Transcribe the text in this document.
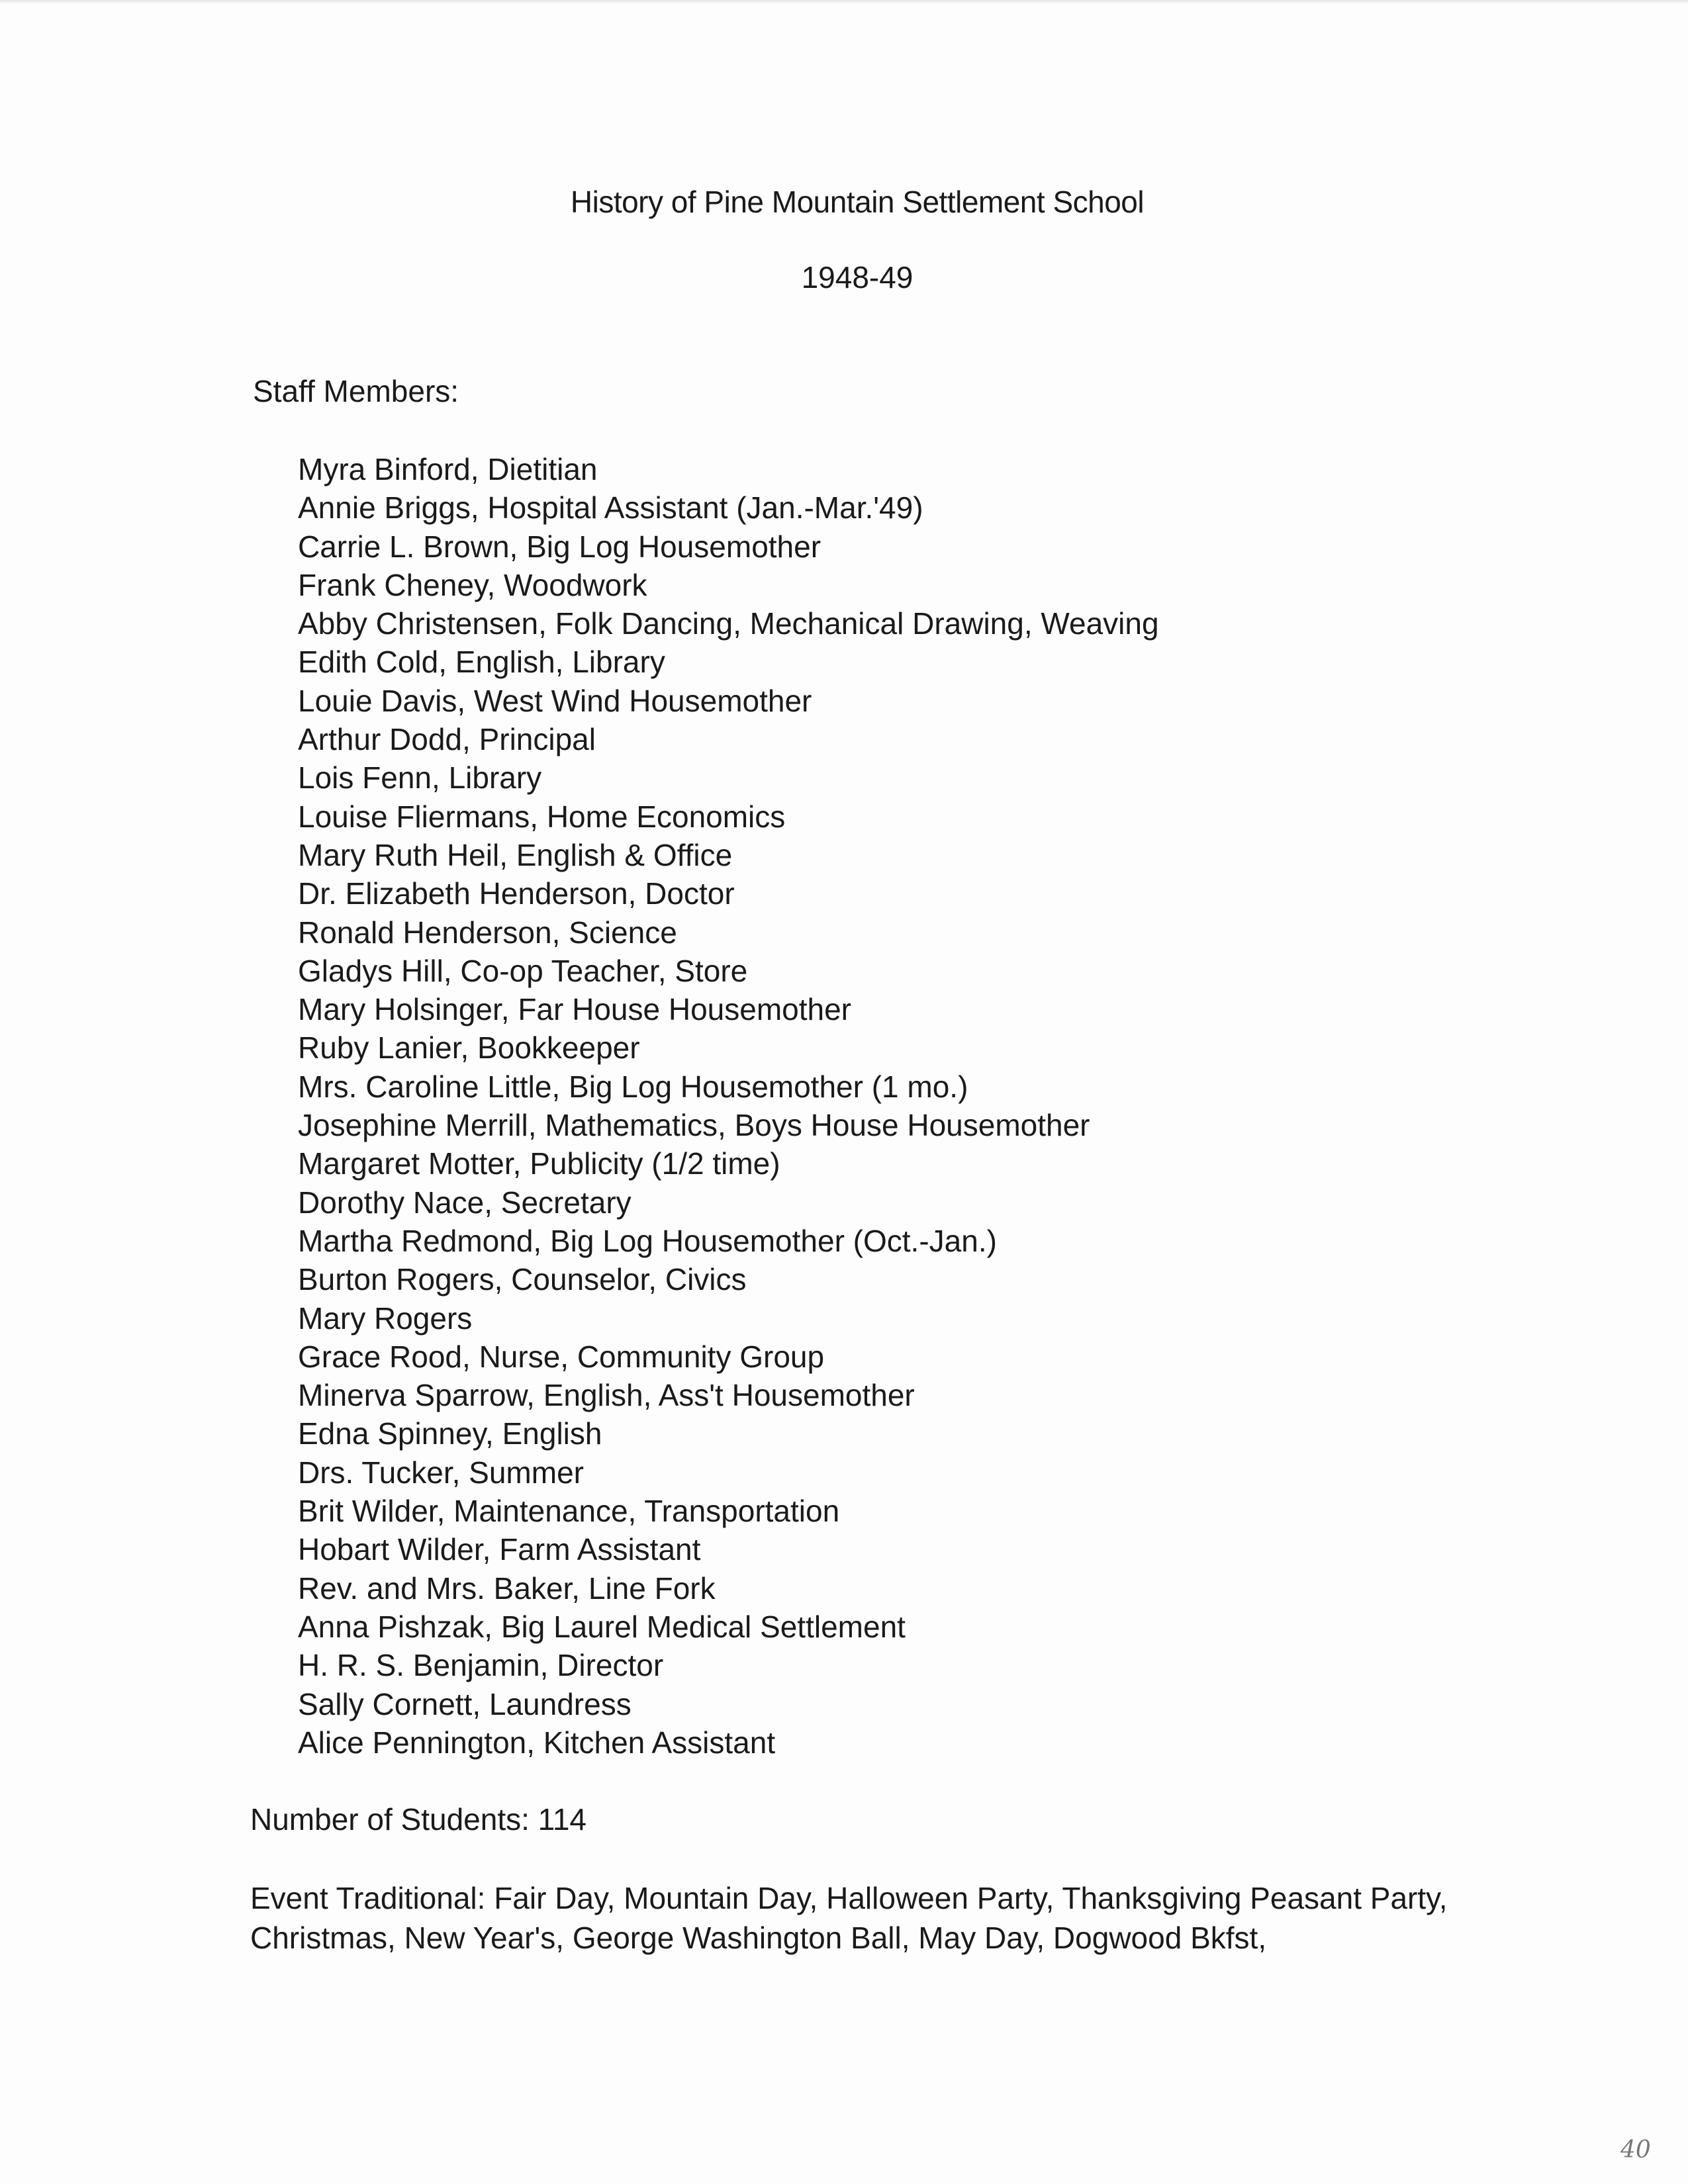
History of Pine Mountain Settlement School
1948-49
Staff Members:
Myra Binford, Dietitian
Annie Briggs, Hospital Assistant (Jan.-Mar.'49)
Carrie L. Brown, Big Log Housemother
Frank Cheney, Woodwork
Abby Christensen, Folk Dancing, Mechanical Drawing, Weaving
Edith Cold, English, Library
Louie Davis, West Wind Housemother
Arthur Dodd, Principal
Lois Fenn, Library
Louise Fliermans, Home Economics
Mary Ruth Heil, English & Office
Dr. Elizabeth Henderson, Doctor
Ronald Henderson, Science
Gladys Hill, Co-op Teacher, Store
Mary Holsinger, Far House Housemother
Ruby Lanier, Bookkeeper
Mrs. Caroline Little, Big Log Housemother (1 mo.)
Josephine Merrill, Mathematics, Boys House Housemother
Margaret Motter, Publicity (1/2 time)
Dorothy Nace, Secretary
Martha Redmond, Big Log Housemother (Oct.-Jan.)
Burton Rogers, Counselor, Civics
Mary Rogers
Grace Rood, Nurse, Community Group
Minerva Sparrow, English, Ass't Housemother
Edna Spinney, English
Drs. Tucker, Summer
Brit Wilder, Maintenance, Transportation
Hobart Wilder, Farm Assistant
Rev. and Mrs. Baker, Line Fork
Anna Pishzak, Big Laurel Medical Settlement
H. R. S. Benjamin, Director
Sally Cornett, Laundress
Alice Pennington, Kitchen Assistant
Number of Students: 114
Event Traditional: Fair Day, Mountain Day, Halloween Party, Thanksgiving Peasant Party, Christmas, New Year's, George Washington Ball, May Day, Dogwood Bkfst,
40
